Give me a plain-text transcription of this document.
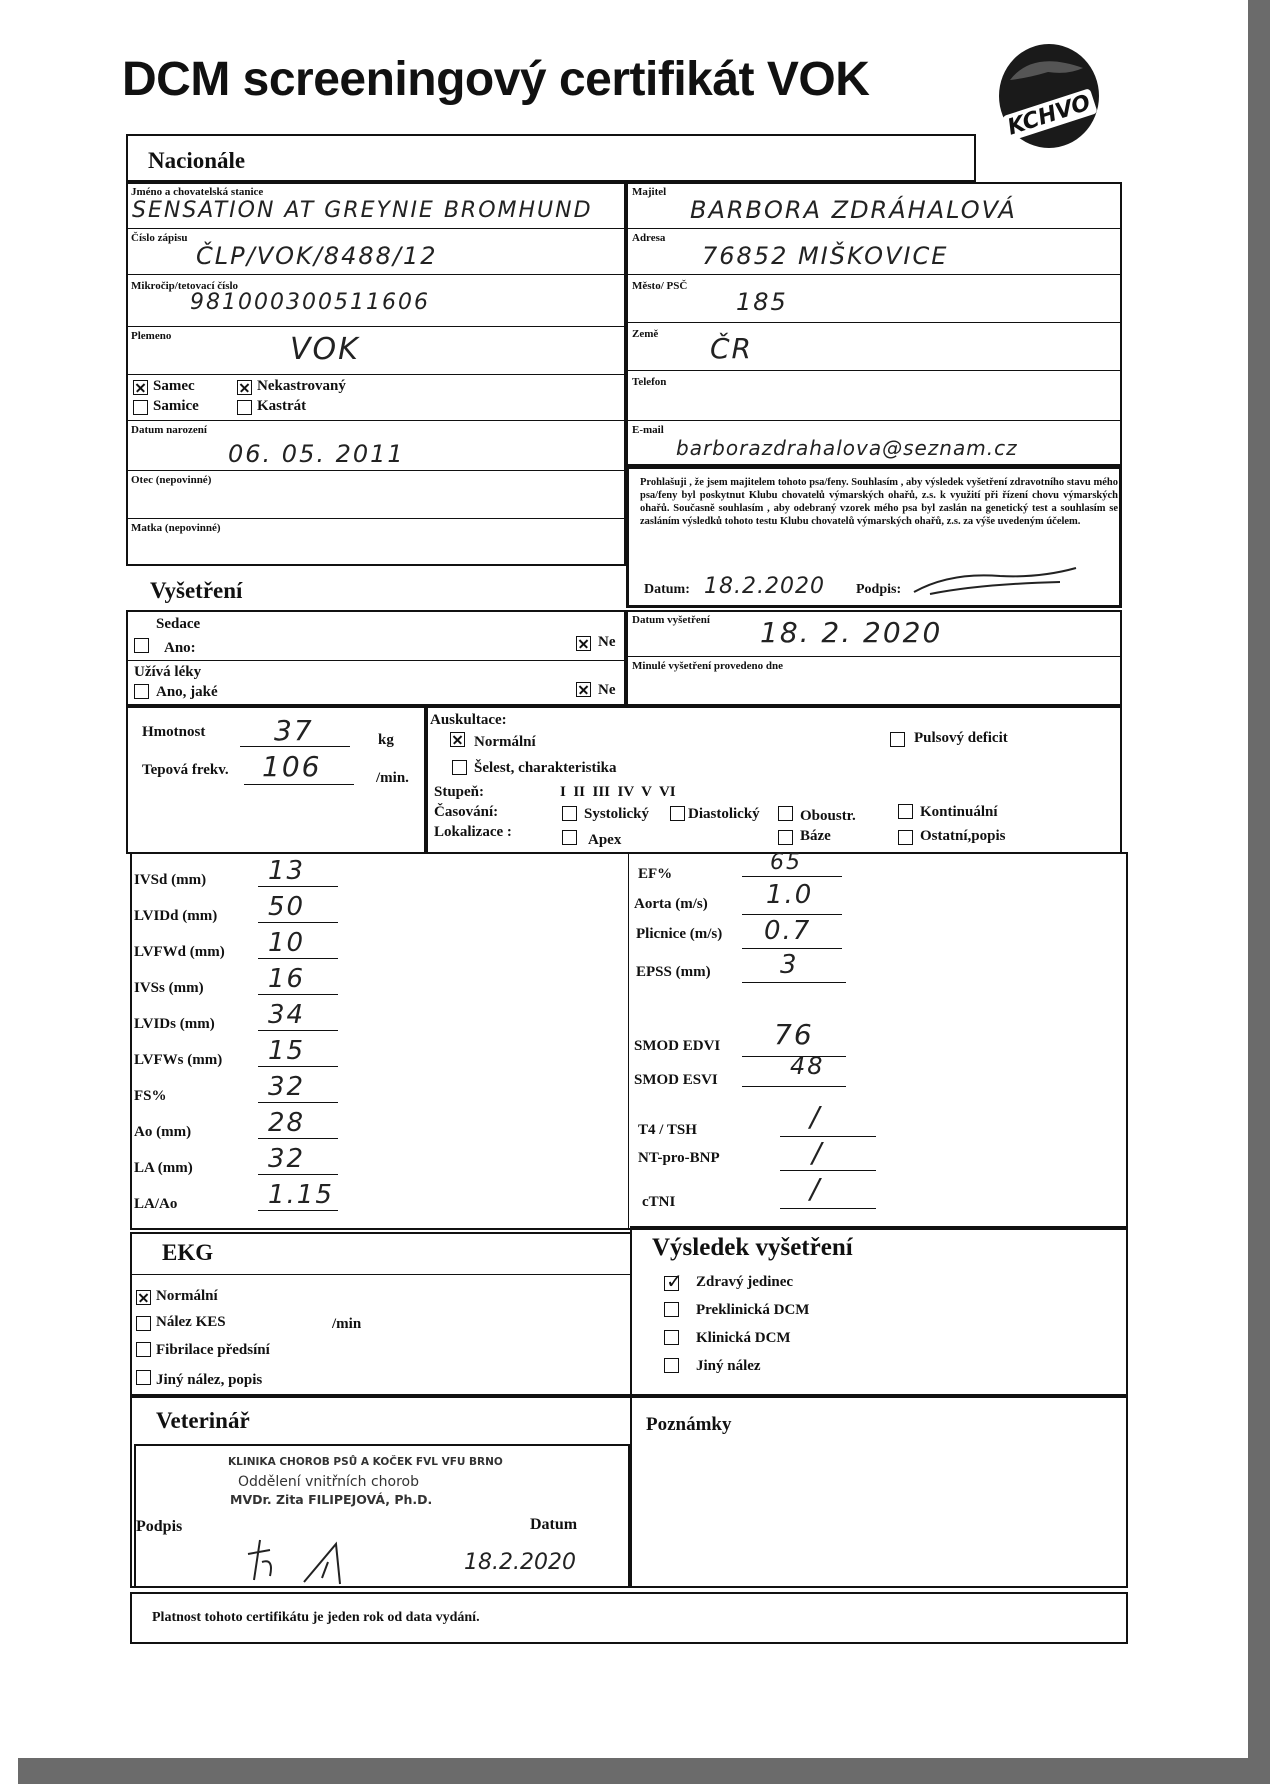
DCM screeningový certifikát VOK
KCHVO
Nacionále
Jméno a chovatelská stanice
SENSATION AT GREYNIE BROMHUND
Číslo zápisu
ČLP/VOK/8488/12
Mikročip/tetovací číslo
981000300511606
Plemeno	VOK
Samec
Samice
Nekastrovaný
Kastrát
Datum narození
06. 05. 2011
Otec (nepovinné)
Matka (nepovinné)
Majitel
BARBORA ZDRÁHALOVÁ
Adresa
76852 MIŠKOVICE
Město/ PSČ
185
Země ČR
Telefon
E-mail
barborazdrahalova@seznam.cz
Prohlašuji , že jsem majitelem tohoto psa/feny. Souhlasím , aby výsledek vyšetření zdravotního stavu mého psa/feny byl poskytnut Klubu chovatelů výmarských ohařů, z.s. k využití při řízení chovu výmarských ohařů. Současně souhlasím , aby odebraný vzorek mého psa byl zaslán na genetický test a souhlasím se zasláním výsledků tohoto testu Klubu chovatelů výmarských ohařů, z.s. za výše uvedeným účelem.
Datum: 18.2.2020 Podpis:
Vyšetření
Sedace
Ano:	Ne
Užívá léky
Ano, jaké	Ne
Datum vyšetření 18. 2. 2020
Minulé vyšetření provedeno dne
Hmotnost 37	kg
Tepová frekv. 106	/min.
Auskultace:
Normální
Šelest, charakteristika
Pulsový deficit
Stupeň:	I  II  III  IV  V  VI
Časování:	Systolický	Diastolický	Oboustr.	Kontinuální
Lokalizace :	Apex	Báze	Ostatní,popis
IVSd (mm) 13
LVIDd (mm) 50
LVFWd (mm) 10
IVSs (mm) 16
LVIDs (mm) 34
LVFWs (mm) 15
FS%	32
Ao (mm)	28
LA (mm)	32
LA/Ao	1.15
EF%	65
Aorta (m/s) 1.0
Plicnice (m/s) 0.7
EPSS (mm)	3
SMOD EDVI 76
SMOD ESVI	48
T4 / TSH	/
NT-pro-BNP	/
cTNI	/
EKG
Normální
Nález KES	/min
Fibrilace předsíní
Jiný nález, popis
Výsledek vyšetření
✓
Zdravý jedinec
Preklinická DCM
Klinická DCM
Jiný nález
Veterinář
KLINIKA CHOROB PSŮ A KOČEK FVL VFU BRNO
Oddělení vnitřních chorob
MVDr. Zita FILIPEJOVÁ, Ph.D.
Podpis	Datum
18.2.2020
Poznámky
Platnost tohoto certifikátu je jeden rok od data vydání.
